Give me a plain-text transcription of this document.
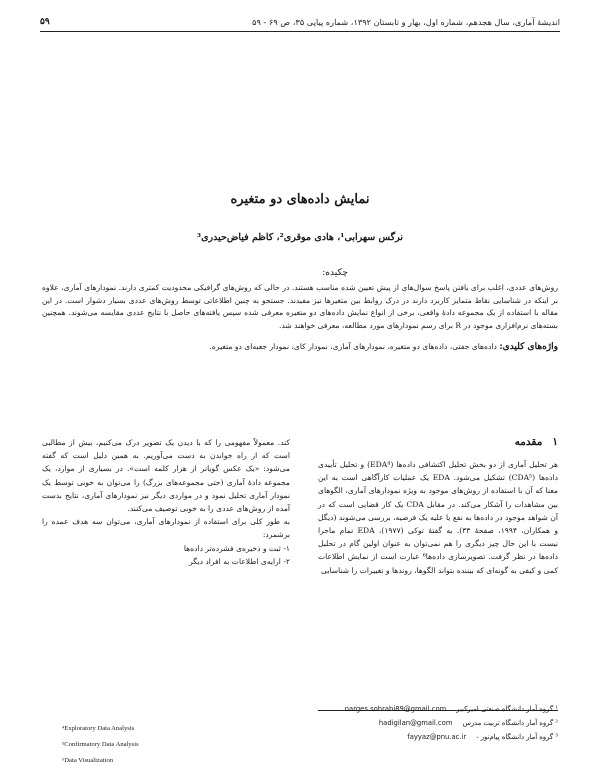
۵۹	اندیشهٔ آماری، سال هجدهم، شماره اول، بهار و تابستان ۱۳۹۲، شماره پیاپی ۳۵، ص ۶۹ - ۵۹
نمایش داده‌های دو متغیره
نرگس سهرابی¹، هادی موقری²، کاظم فیاض‌حیدری³
چکیده:

روش‌های عددی، اغلب برای یافتن پاسخ سوال‌های از پیش تعیین شده مناسب هستند. در حالی که روش‌های گرافیکی محدودیت کمتری دارند. نمودارهای آماری، علاوه بر اینکه در شناسایی نقاط متمایز کاربرد دارند در درک روابط بین متغیرها نیز مفیدند. جستجو به چنین اطلاعاتی توسط روش‌های عددی بسیار دشوار است. در این مقاله با استفاده از یک مجموعه دادهٔ واقعی، برخی از انواع نمایش داده‌های دو متغیره معرفی شده سپس یافته‌های حاصل با نتایج عددی مقایسه می‌شوند. همچنین بسته‌های نرم‌افزاری موجود در R برای رسم نمودارهای مورد مطالعه، معرفی خواهند شد.

واژه‌های کلیدی: داده‌های جفتی، داده‌های دو متغیره، نمودارهای آماری، نمودار کای، نمودار جعبه‌ای دو متغیره.
۱
مقدمه

هر تحلیل آماری از دو بخش تحلیل اکتشافی داده‌ها (EDA⁴) و تحلیل تأییدی داده‌ها (CDA⁵) تشکیل می‌شود. EDA یک عملیات کارآگاهی است به این معنا که آن با استفاده از روش‌های موجود به ویژه نمودارهای آماری، الگوهای بین مشاهدات را آشکار می‌کند. در مقابل CDA یک کار قضایی است که در آن شواهد موجود در داده‌ها به نفع یا علیه یک فرضیه، بررسی می‌شوند (دیگل و همکاران، ۱۹۹۴، صفحهٔ ۳۳). به گفتهٔ توکی (۱۹۷۷)، EDA تمام ماجرا نیست با این حال چیز دیگری را هم نمی‌توان به عنوان اولین گام در تحلیل داده‌ها در نظر گرفت. تصویرسازی داده‌ها⁶ عبارت است از نمایش اطلاعات کمی و کیفی به گونه‌ای که بیننده بتواند الگوها، روندها و تغییرات را شناسایی

کند. معمولاً مفهومی را که با دیدن یک تصویر درک می‌کنیم، بیش از مطالبی است که از راه خواندن به دست می‌آوریم. به همین دلیل است که گفته می‌شود: «یک عکس گویاتر از هزار کلمه است». در بسیاری از موارد، یک مجموعه دادهٔ آماری (حتی مجموعه‌های بزرگ) را می‌توان به خوبی توسط یک نمودار آماری تحلیل نمود و در مواردی دیگر نیز نمودارهای آماری، نتایج بدست آمده از روش‌های عددی را به خوبی توصیف می‌کنند.

به طور کلی برای استفاده از نمودارهای آماری، می‌توان سه هدف عمده را برشمرد:

۱- ثبت و ذخیره‌ی فشرده‌تر داده‌ها

۲- ارایه‌ی اطلاعات به افراد دیگر

¹ گروه آمار دانشگاه صنعتی امیرکبیر
narges.sohrabi89@gmail.com
² گروه آمار دانشگاه تربیت مدرس
hadigilan@gmail.com
³ گروه آمار دانشگاه پیام‌نور -
fayyaz@pnu.ac.ir
⁴Exploratory Data Analysis
⁵Confirmatory Data Analysis
⁶Data Visualization
